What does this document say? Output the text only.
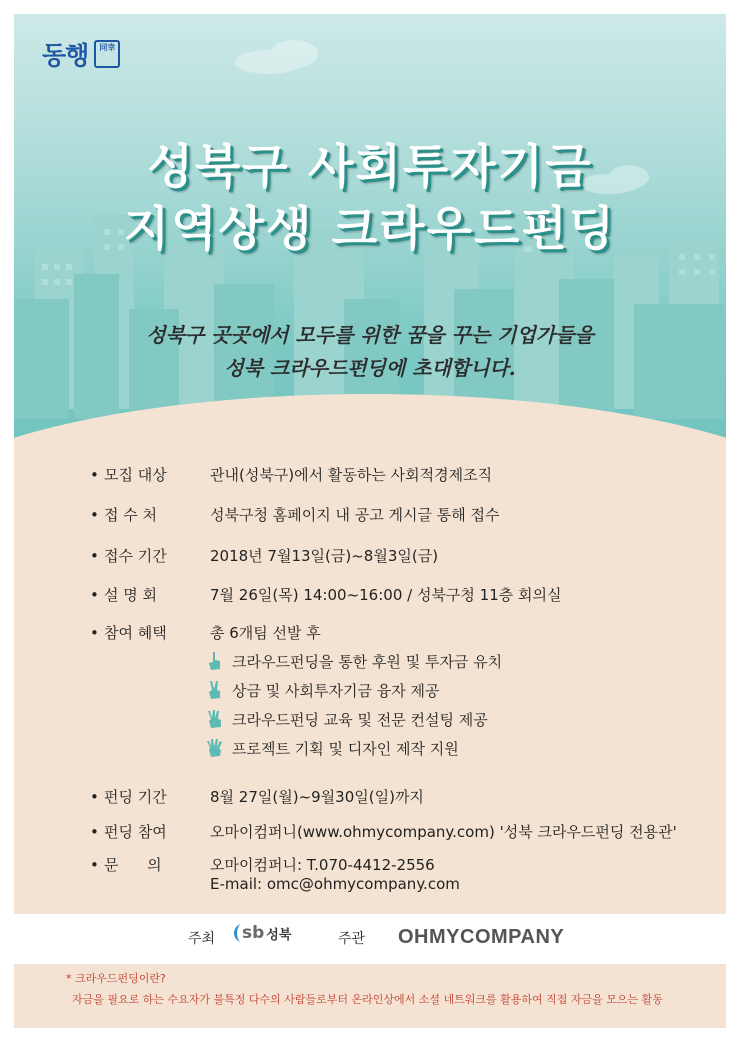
동행	同幸
성북구 사회투자기금
지역상생 크라우드펀딩
성북구 곳곳에서 모두를 위한 꿈을 꾸는 기업가들을
성북 크라우드펀딩에 초대합니다.
• 모집 대상	관내(성북구)에서 활동하는 사회적경제조직
• 접 수 처	성북구청 홈페이지 내 공고 게시글 통해 접수
• 접수 기간	2018년 7월13일(금)~8월3일(금)
• 설 명 회	7월 26일(목) 14:00~16:00 / 성북구청 11층 회의실
• 참여 혜택	총 6개팀 선발 후
크라우드펀딩을 통한 후원 및 투자금 유치
상금 및 사회투자기금 융자 제공
크라우드펀딩 교육 및 전문 컨설팅 제공
프로젝트 기획 및 디자인 제작 지원
• 펀딩 기간	8월 27일(월)~9월30일(일)까지
• 펀딩 참여	오마이컴퍼니(www.ohmycompany.com) '성북 크라우드펀딩 전용관'
• 문      의	오마이컴퍼니: T.070-4412-2556
E-mail: omc@ohmycompany.com
주최 sb 성북	주관 OHMYCOMPANY
* 크라우드펀딩이란?
자금을 필요로 하는 수요자가 불특정 다수의 사람들로부터 온라인상에서 소셜 네트워크를 활용하여 직접 자금을 모으는 활동
